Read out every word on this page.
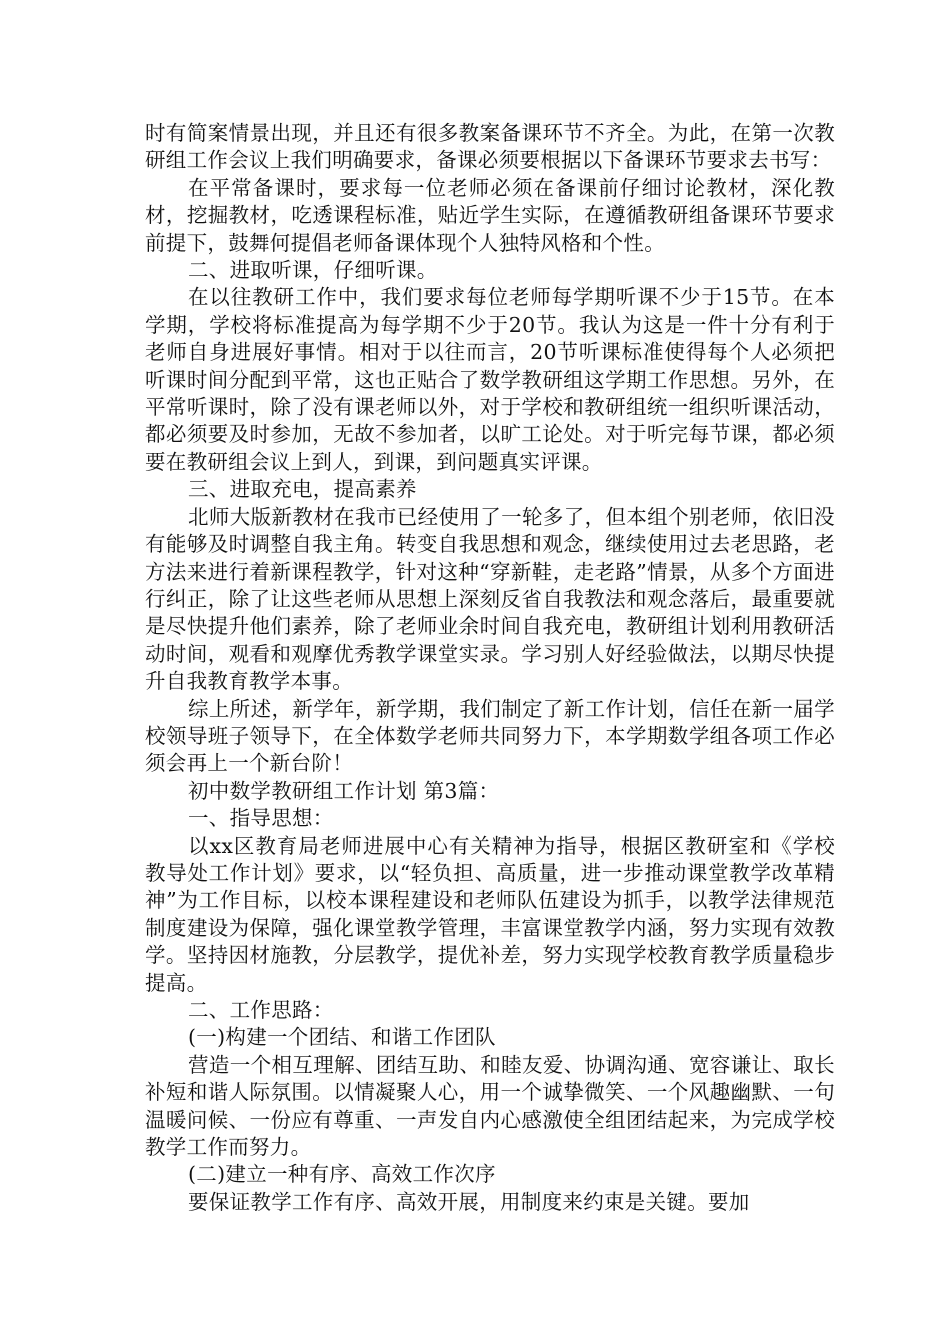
时有简案情景出现，并且还有很多教案备课环节不齐全。为此，在第一次教研组工作会议上我们明确要求，备课必须要根据以下备课环节要求去书写：

在平常备课时，要求每一位老师必须在备课前仔细讨论教材，深化教材，挖掘教材，吃透课程标准，贴近学生实际，在遵循教研组备课环节要求前提下，鼓舞何提倡老师备课体现个人独特风格和个性。

二、进取听课，仔细听课。

在以往教研工作中，我们要求每位老师每学期听课不少于15节。在本学期，学校将标准提高为每学期不少于20节。我认为这是一件十分有利于老师自身进展好事情。相对于以往而言，20节听课标准使得每个人必须把听课时间分配到平常，这也正贴合了数学教研组这学期工作思想。另外，在平常听课时，除了没有课老师以外，对于学校和教研组统一组织听课活动，都必须要及时参加，无故不参加者，以旷工论处。对于听完每节课，都必须要在教研组会议上到人，到课，到问题真实评课。

三、进取充电，提高素养

北师大版新教材在我市已经使用了一轮多了，但本组个别老师，依旧没有能够及时调整自我主角。转变自我思想和观念，继续使用过去老思路，老方法来进行着新课程教学，针对这种“穿新鞋，走老路”情景，从多个方面进行纠正，除了让这些老师从思想上深刻反省自我教法和观念落后，最重要就是尽快提升他们素养，除了老师业余时间自我充电，教研组计划利用教研活动时间，观看和观摩优秀教学课堂实录。学习别人好经验做法，以期尽快提升自我教育教学本事。

综上所述，新学年，新学期，我们制定了新工作计划，信任在新一届学校领导班子领导下，在全体数学老师共同努力下，本学期数学组各项工作必须会再上一个新台阶！

初中数学教研组工作计划 第3篇：

一、指导思想：

以xx区教育局老师进展中心有关精神为指导，根据区教研室和《学校教导处工作计划》要求，以“轻负担、高质量，进一步推动课堂教学改革精神”为工作目标，以校本课程建设和老师队伍建设为抓手，以教学法律规范制度建设为保障，强化课堂教学管理，丰富课堂教学内涵，努力实现有效教学。坚持因材施教，分层教学，提优补差，努力实现学校教育教学质量稳步提高。

二、工作思路：

(一)构建一个团结、和谐工作团队

营造一个相互理解、团结互助、和睦友爱、协调沟通、宽容谦让、取长补短和谐人际氛围。以情凝聚人心，用一个诚挚微笑、一个风趣幽默、一句温暖问候、一份应有尊重、一声发自内心感激使全组团结起来，为完成学校教学工作而努力。

(二)建立一种有序、高效工作次序

要保证教学工作有序、高效开展，用制度来约束是关键。要加
